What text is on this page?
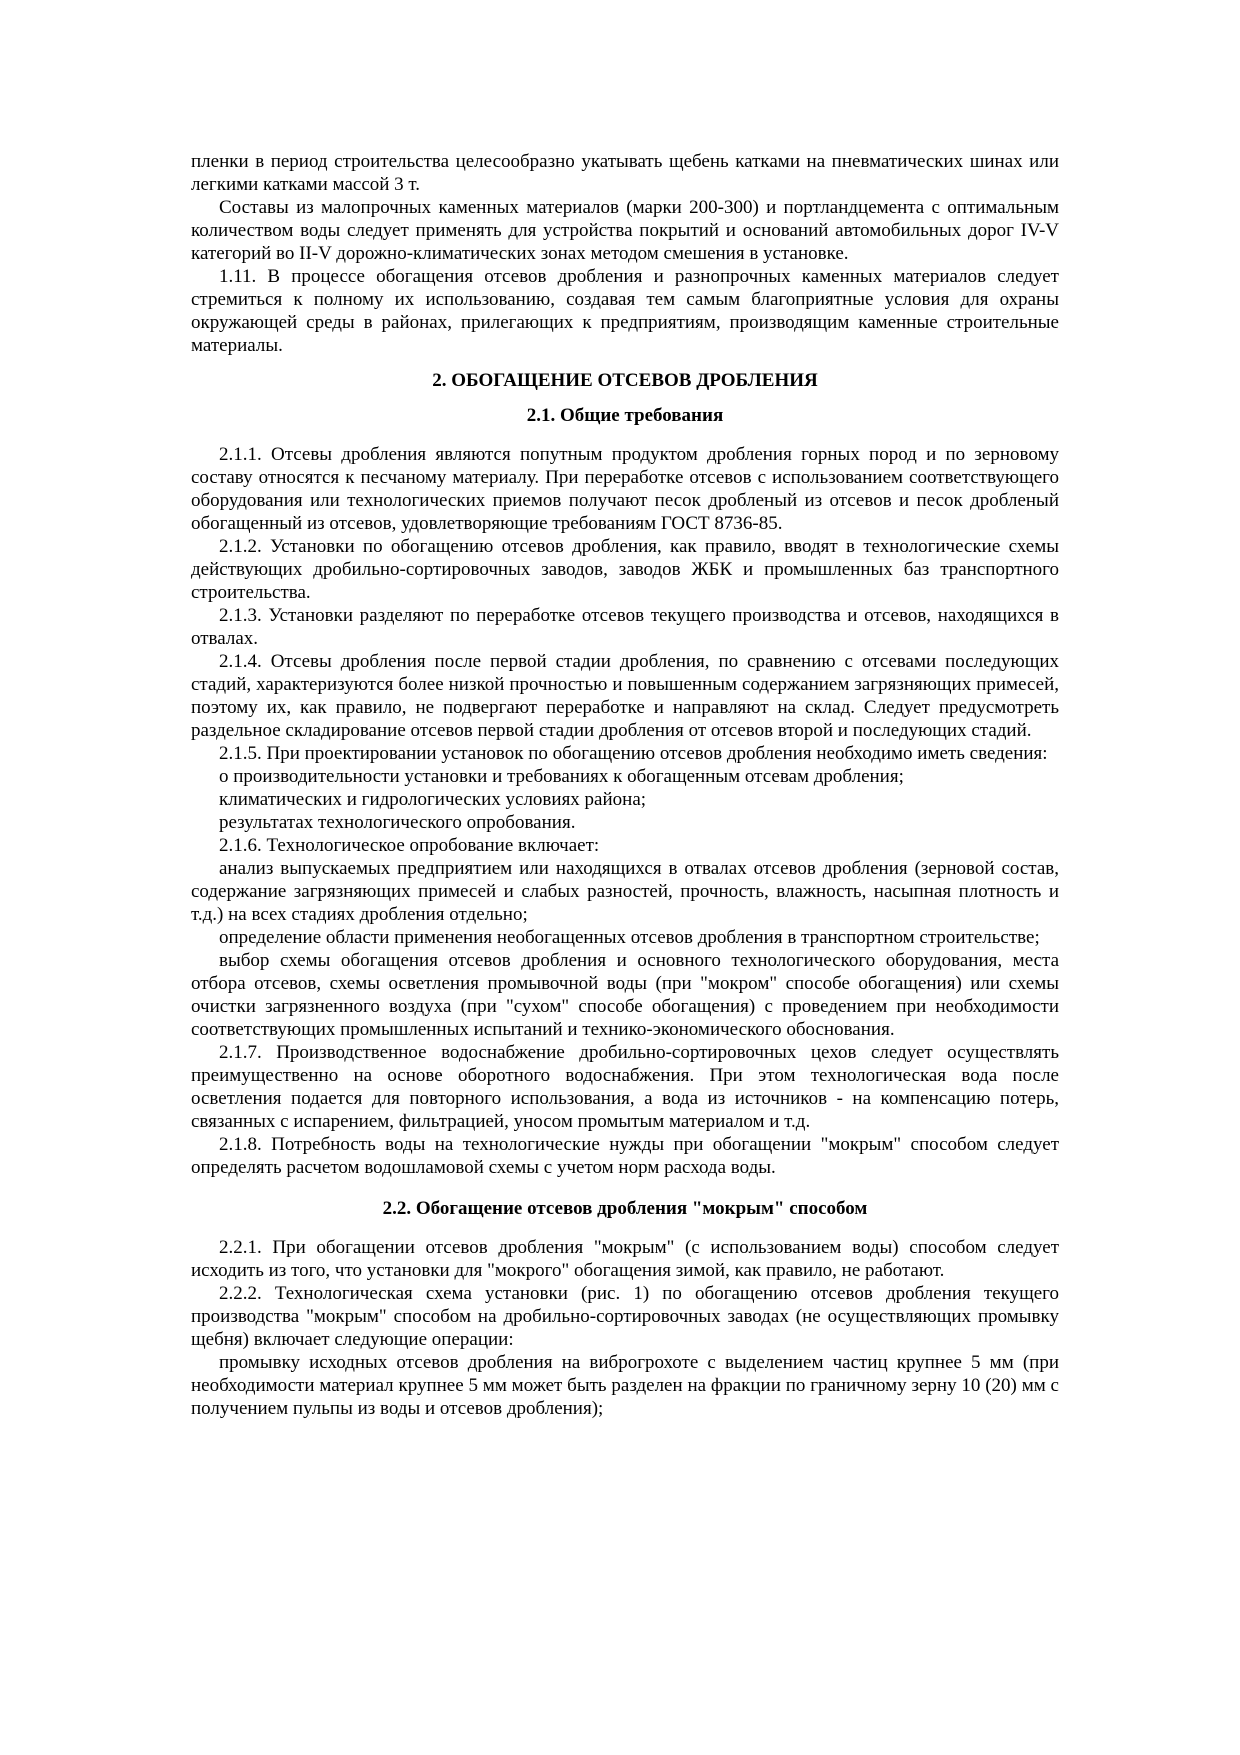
пленки в период строительства целесообразно укатывать щебень катками на пневматических шинах или легкими катками массой 3 т.

Составы из малопрочных каменных материалов (марки 200-300) и портландцемента с оптимальным количеством воды следует применять для устройства покрытий и оснований автомобильных дорог IV-V категорий во II-V дорожно-климатических зонах методом смешения в установке.

1.11. В процессе обогащения отсевов дробления и разнопрочных каменных материалов следует стремиться к полному их использованию, создавая тем самым благоприятные условия для охраны окружающей среды в районах, прилегающих к предприятиям, производящим каменные строительные материалы.

2. ОБОГАЩЕНИЕ ОТСЕВОВ ДРОБЛЕНИЯ
2.1. Общие требования

2.1.1. Отсевы дробления являются попутным продуктом дробления горных пород и по зерновому составу относятся к песчаному материалу. При переработке отсевов с использованием соответствующего оборудования или технологических приемов получают песок дробленый из отсевов и песок дробленый обогащенный из отсевов, удовлетворяющие требованиям ГОСТ 8736-85.

2.1.2. Установки по обогащению отсевов дробления, как правило, вводят в технологические схемы действующих дробильно-сортировочных заводов, заводов ЖБК и промышленных баз транспортного строительства.

2.1.3. Установки разделяют по переработке отсевов текущего производства и отсевов, находящихся в отвалах.

2.1.4. Отсевы дробления после первой стадии дробления, по сравнению с отсевами последующих стадий, характеризуются более низкой прочностью и повышенным содержанием загрязняющих примесей, поэтому их, как правило, не подвергают переработке и направляют на склад. Следует предусмотреть раздельное складирование отсевов первой стадии дробления от отсевов второй и последующих стадий.

2.1.5. При проектировании установок по обогащению отсевов дробления необходимо иметь сведения:

о производительности установки и требованиях к обогащенным отсевам дробления;

климатических и гидрологических условиях района;

результатах технологического опробования.

2.1.6. Технологическое опробование включает:

анализ выпускаемых предприятием или находящихся в отвалах отсевов дробления (зерновой состав, содержание загрязняющих примесей и слабых разностей, прочность, влажность, насыпная плотность и т.д.) на всех стадиях дробления отдельно;

определение области применения необогащенных отсевов дробления в транспортном строительстве;

выбор схемы обогащения отсевов дробления и основного технологического оборудования, места отбора отсевов, схемы осветления промывочной воды (при "мокром" способе обогащения) или схемы очистки загрязненного воздуха (при "сухом" способе обогащения) с проведением при необходимости соответствующих промышленных испытаний и технико-экономического обоснования.

2.1.7. Производственное водоснабжение дробильно-сортировочных цехов следует осуществлять преимущественно на основе оборотного водоснабжения. При этом технологическая вода после осветления подается для повторного использования, а вода из источников - на компенсацию потерь, связанных с испарением, фильтрацией, уносом промытым материалом и т.д.

2.1.8. Потребность воды на технологические нужды при обогащении "мокрым" способом следует определять расчетом водошламовой схемы с учетом норм расхода воды.

2.2. Обогащение отсевов дробления "мокрым" способом

2.2.1. При обогащении отсевов дробления "мокрым" (с использованием воды) способом следует исходить из того, что установки для "мокрого" обогащения зимой, как правило, не работают.

2.2.2. Технологическая схема установки (рис. 1) по обогащению отсевов дробления текущего производства "мокрым" способом на дробильно-сортировочных заводах (не осуществляющих промывку щебня) включает следующие операции:

промывку исходных отсевов дробления на виброгрохоте с выделением частиц крупнее 5 мм (при необходимости материал крупнее 5 мм может быть разделен на фракции по граничному зерну 10 (20) мм с получением пульпы из воды и отсевов дробления);
